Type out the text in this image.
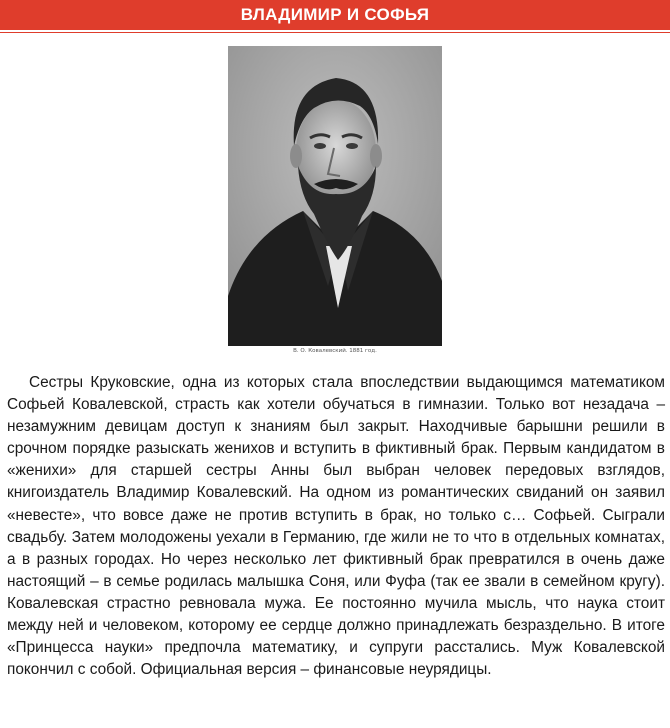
ВЛАДИМИР И СОФЬЯ
В. О. Ковалевский. 1881 год.

Сестры Круковские, одна из которых стала впоследствии выдающимся математиком Софьей Ковалевской, страсть как хотели обучаться в гимназии. Только вот незадача – незамужним девицам доступ к знаниям был закрыт. Находчивые барышни решили в срочном порядке разыскать женихов и вступить в фиктивный брак. Первым кандидатом в «женихи» для старшей сестры Анны был выбран человек передовых взглядов, книгоиздатель Владимир Ковалевский. На одном из романтических свиданий он заявил «невесте», что вовсе даже не против вступить в брак, но только с… Софьей. Сыграли свадьбу. Затем молодожены уехали в Германию, где жили не то что в отдельных комнатах, а в разных городах. Но через несколько лет фиктивный брак превратился в очень даже настоящий – в семье родилась малышка Соня, или Фуфа (так ее звали в семейном кругу). Ковалевская страстно ревновала мужа. Ее постоянно мучила мысль, что наука стоит между ней и человеком, которому ее сердце должно принадлежать безраздельно. В итоге «Принцесса науки» предпочла математику, и супруги расстались. Муж Ковалевской покончил с собой. Официальная версия – финансовые неурядицы.
